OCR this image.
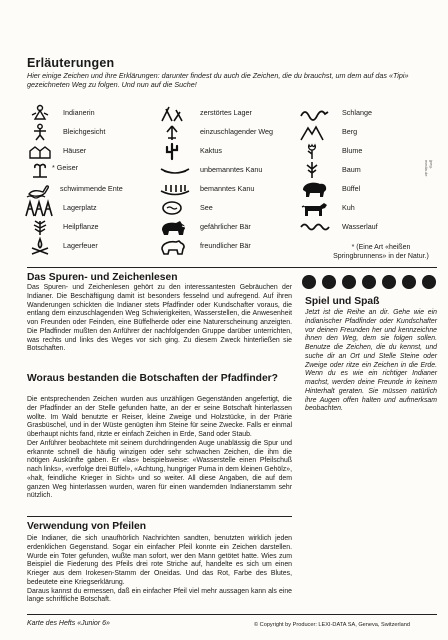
Erläuterungen
Hier einige Zeichen und ihre Erklärungen: darunter findest du auch die Zeichen, die du brauchst, um dem auf das «Tipi» gezeichneten Weg zu folgen. Und nun auf die Suche!
Indianerin
Bleichgesicht
Häuser
* Geiser
schwimmende Ente
Lagerplatz
Heilpflanze
Lagerfeuer
zerstörtes Lager
einzuschlagender Weg
Kaktus
unbemanntes Kanu
bemanntes Kanu
See
gefährlicher Bär
freundlicher Bär
Schlange
Berg
Blume
Baum
Büffel
Kuh
Wasserlauf
* (Eine Art «heißen Springbrunnens» in der Natur.)
Das Spuren- und Zeichenlesen

Das Spuren- und Zeichenlesen gehört zu den interessantesten Gebräuchen der Indianer. Die Beschäftigung damit ist besonders fesselnd und aufregend. Auf ihren Wanderungen schickten die Indianer stets Pfadfinder oder Kundschafter voraus, die entlang dem einzuschlagenden Weg Schwierigkeiten, Wasserstellen, die Anwesenheit von Freunden oder Feinden, eine Büffelherde oder eine Naturerscheinung anzeigten. Die Pfadfinder mußten den Anführer der nachfolgenden Gruppe darüber unterrichten, was rechts und links des Weges vor sich ging. Zu diesem Zweck hinterließen sie Botschaften.

Woraus bestanden die Botschaften der Pfadfinder?

Die entsprechenden Zeichen wurden aus unzähligen Gegenständen angefertigt, die der Pfadfinder an der Stelle gefunden hatte, an der er seine Botschaft hinterlassen wollte. Im Wald benutzte er Reiser, kleine Zweige und Holzstücke, in der Prärie Grasbüschel, und in der Wüste genügten ihm Steine für seine Zwecke. Falls er einmal überhaupt nichts fand, ritzte er einfach Zeichen in Erde, Sand oder Staub.

Der Anführer beobachtete mit seinem durchdringenden Auge unablässig die Spur und erkannte schnell die häufig winzigen oder sehr schwachen Zeichen, die ihm die nötigen Auskünfte gaben. Er «las» beispielsweise: «Wasserstelle einen Pfeilschuß nach links», «verfolge drei Büffel», «Achtung, hungriger Puma in dem kleinen Gehölz», «halt, feindliche Krieger in Sicht» und so weiter. All diese Angaben, die auf dem ganzen Weg hinterlassen wurden, waren für einen wandernden Indianerstamm sehr nützlich.

Verwendung von Pfeilen

Die Indianer, die sich unaufhörlich Nachrichten sandten, benutzten wirklich jeden erdenklichen Gegenstand. Sogar ein einfacher Pfeil konnte ein Zeichen darstellen. Wurde ein Toter gefunden, wußte man sofort, wer den Mann getötet hatte. Wies zum Beispiel die Fiederung des Pfeils drei rote Striche auf, handelte es sich um einen Krieger aus dem Irokesen-Stamm der Oneidas. Und das Rot, Farbe des Blutes, bedeutete eine Kriegserklärung.

Daraus kannst du ermessen, daß ein einfacher Pfeil viel mehr aussagen kann als eine lange schriftliche Botschaft.

Spiel und Spaß
Jetzt ist die Reihe an dir. Gehe wie ein indianischer Pfadfinder oder Kundschafter vor deinen Freunden her und kennzeichne ihnen den Weg, dem sie folgen sollen. Benutze die Zeichen, die du kennst, und suche dir an Ort und Stelle Steine oder Zweige oder ritze ein Zeichen in die Erde. Wenn du es wie ein richtiger Indianer machst, werden deine Freunde in keinem Hinterhalt geraten. Sie müssen natürlich ihre Augen offen halten und aufmerksam beobachten.
Karte des Hefts «Junior 6»	© Copyright by Producer: LEXI-DATA SA, Geneva, Switzerland
jpeg-media.de
